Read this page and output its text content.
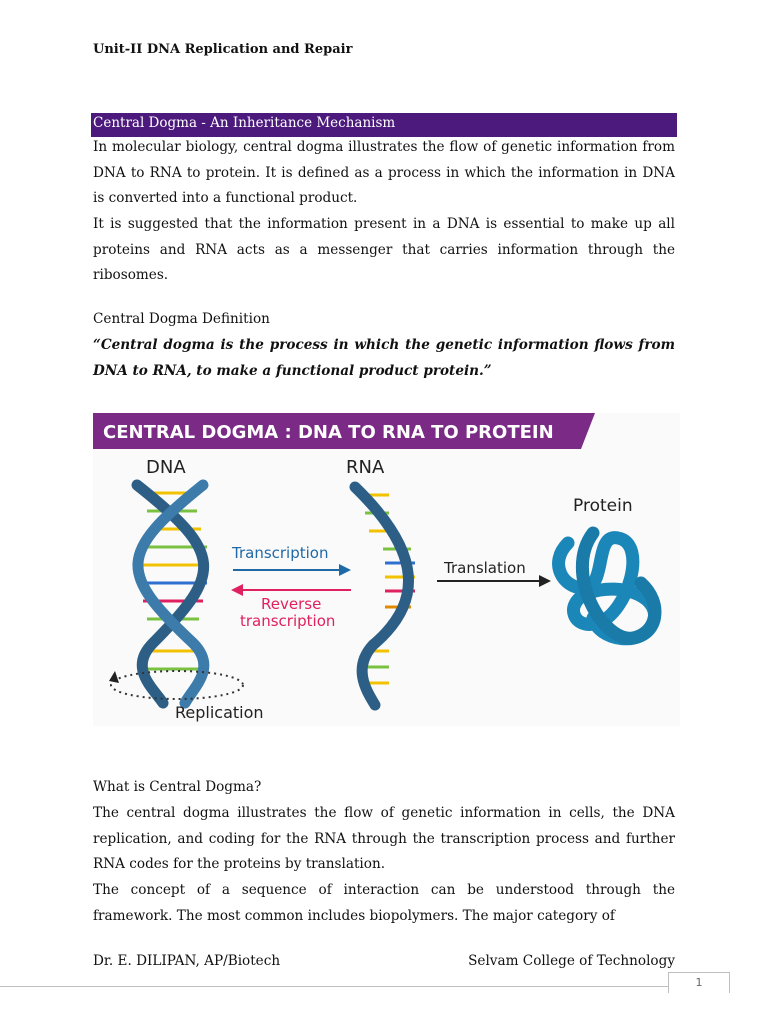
Unit-II DNA Replication and Repair
Central Dogma - An Inheritance Mechanism

In molecular biology, central dogma illustrates the flow of genetic information from DNA to RNA to protein. It is defined as a process in which the information in DNA is converted into a functional product.

It is suggested that the information present in a DNA is essential to make up all proteins and RNA acts as a messenger that carries information through the ribosomes.

Central Dogma Definition

“Central dogma is the process in which the genetic information flows from DNA to RNA, to make a functional product protein.”

CENTRAL DOGMA : DNA TO RNA TO PROTEIN
DNA	RNA
Protein
Replication
Transcription
Reverse
transcription
Translation
What is Central Dogma?

The central dogma illustrates the flow of genetic information in cells, the DNA replication, and coding for the RNA through the transcription process and further RNA codes for the proteins by translation.

The concept of a sequence of interaction can be understood through the framework. The most common includes biopolymers. The major category of

Dr. E. DILIPAN, AP/Biotech	Selvam College of Technology
1
